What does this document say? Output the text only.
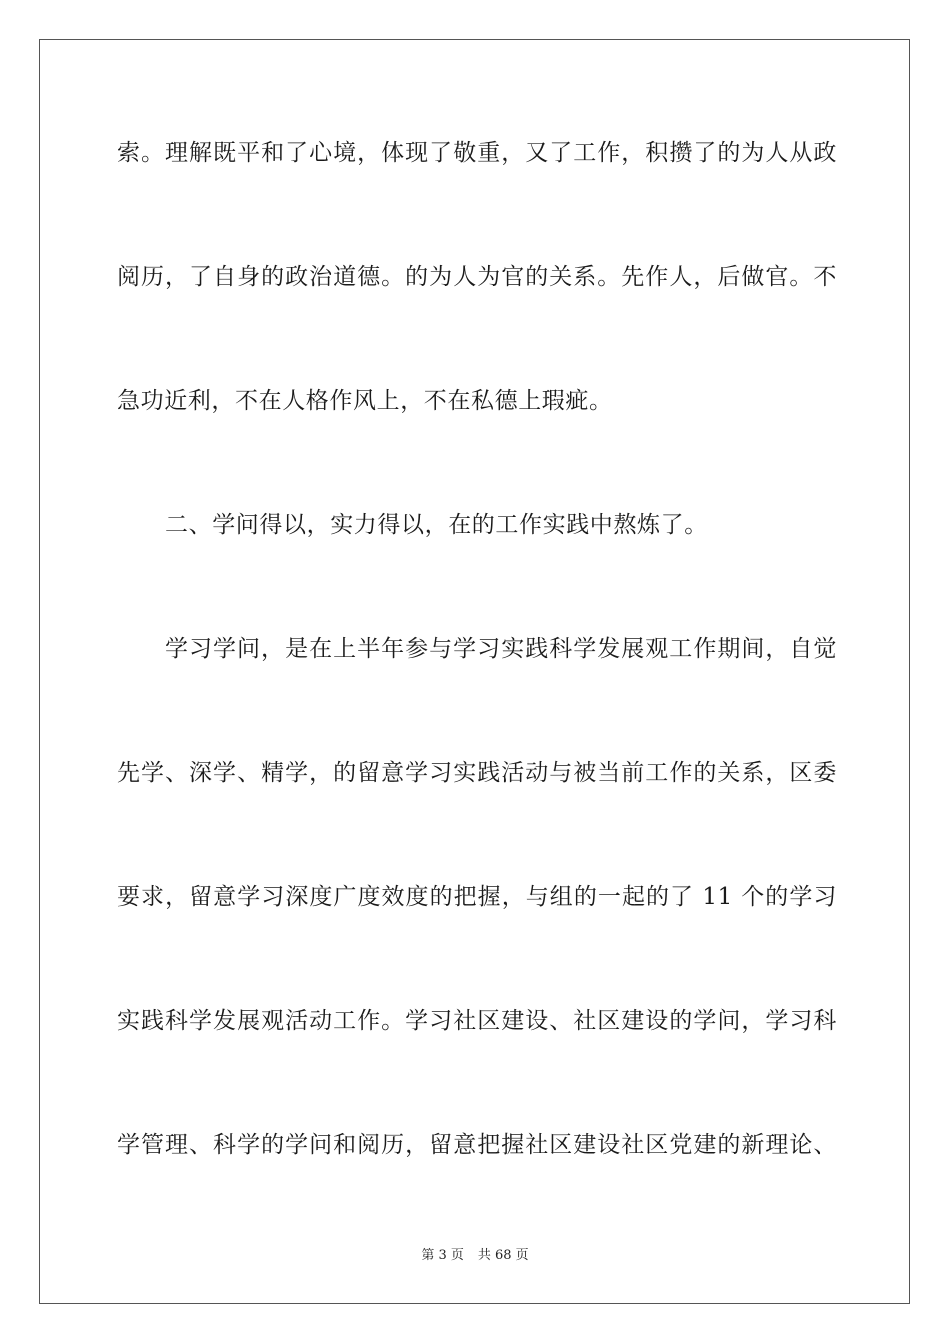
索。理解既平和了心境，体现了敬重，又了工作，积攒了的为人从政
阅历，了自身的政治道德。的为人为官的关系。先作人，后做官。不
急功近利，不在人格作风上，不在私德上瑕疵。
二、学问得以，实力得以，在的工作实践中熬炼了。
学习学问，是在上半年参与学习实践科学发展观工作期间，自觉
先学、深学、精学，的留意学习实践活动与被当前工作的关系，区委
要求，留意学习深度广度效度的把握，与组的一起的了 11 个的学习
实践科学发展观活动工作。学习社区建设、社区建设的学问，学习科
学管理、科学的学问和阅历，留意把握社区建设社区党建的新理论、
第 3 页 共 68 页
